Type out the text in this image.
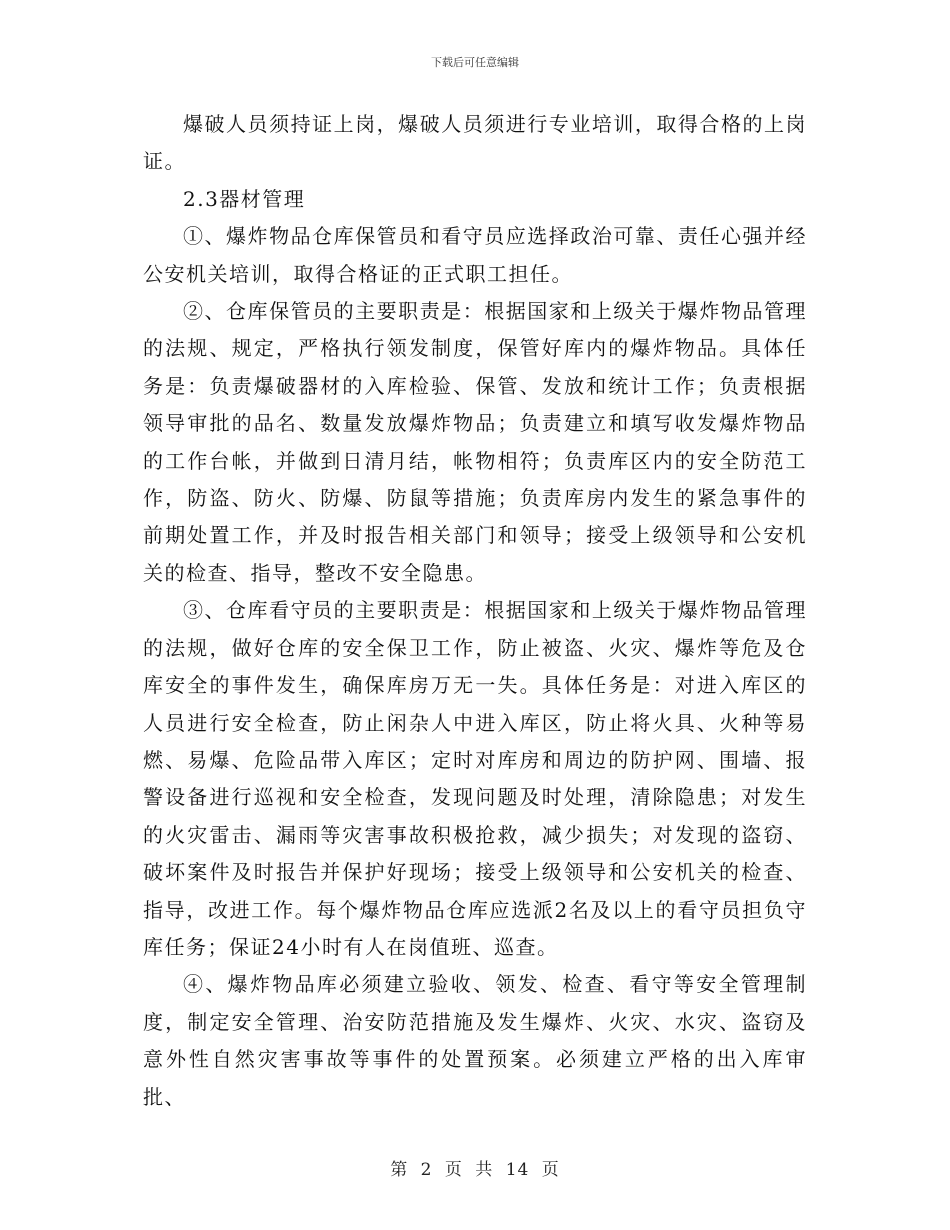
下载后可任意编辑

爆破人员须持证上岗，爆破人员须进行专业培训，取得合格的上岗证。

2.3器材管理

①、爆炸物品仓库保管员和看守员应选择政治可靠、责任心强并经公安机关培训，取得合格证的正式职工担任。

②、仓库保管员的主要职责是：根据国家和上级关于爆炸物品管理的法规、规定，严格执行领发制度，保管好库内的爆炸物品。具体任务是：负责爆破器材的入库检验、保管、发放和统计工作；负责根据领导审批的品名、数量发放爆炸物品；负责建立和填写收发爆炸物品的工作台帐，并做到日清月结，帐物相符；负责库区内的安全防范工作，防盗、防火、防爆、防鼠等措施；负责库房内发生的紧急事件的前期处置工作，并及时报告相关部门和领导；接受上级领导和公安机关的检查、指导，整改不安全隐患。

③、仓库看守员的主要职责是：根据国家和上级关于爆炸物品管理的法规，做好仓库的安全保卫工作，防止被盗、火灾、爆炸等危及仓库安全的事件发生，确保库房万无一失。具体任务是：对进入库区的人员进行安全检查，防止闲杂人中进入库区，防止将火具、火种等易燃、易爆、危险品带入库区；定时对库房和周边的防护网、围墙、报警设备进行巡视和安全检查，发现问题及时处理，清除隐患；对发生的火灾雷击、漏雨等灾害事故积极抢救，减少损失；对发现的盗窃、破坏案件及时报告并保护好现场；接受上级领导和公安机关的检查、指导，改进工作。每个爆炸物品仓库应选派2名及以上的看守员担负守库任务；保证24小时有人在岗值班、巡查。

④、爆炸物品库必须建立验收、领发、检查、看守等安全管理制度，制定安全管理、治安防范措施及发生爆炸、火灾、水灾、盗窃及意外性自然灾害事故等事件的处置预案。必须建立严格的出入库审批、

第 2 页 共 14 页
